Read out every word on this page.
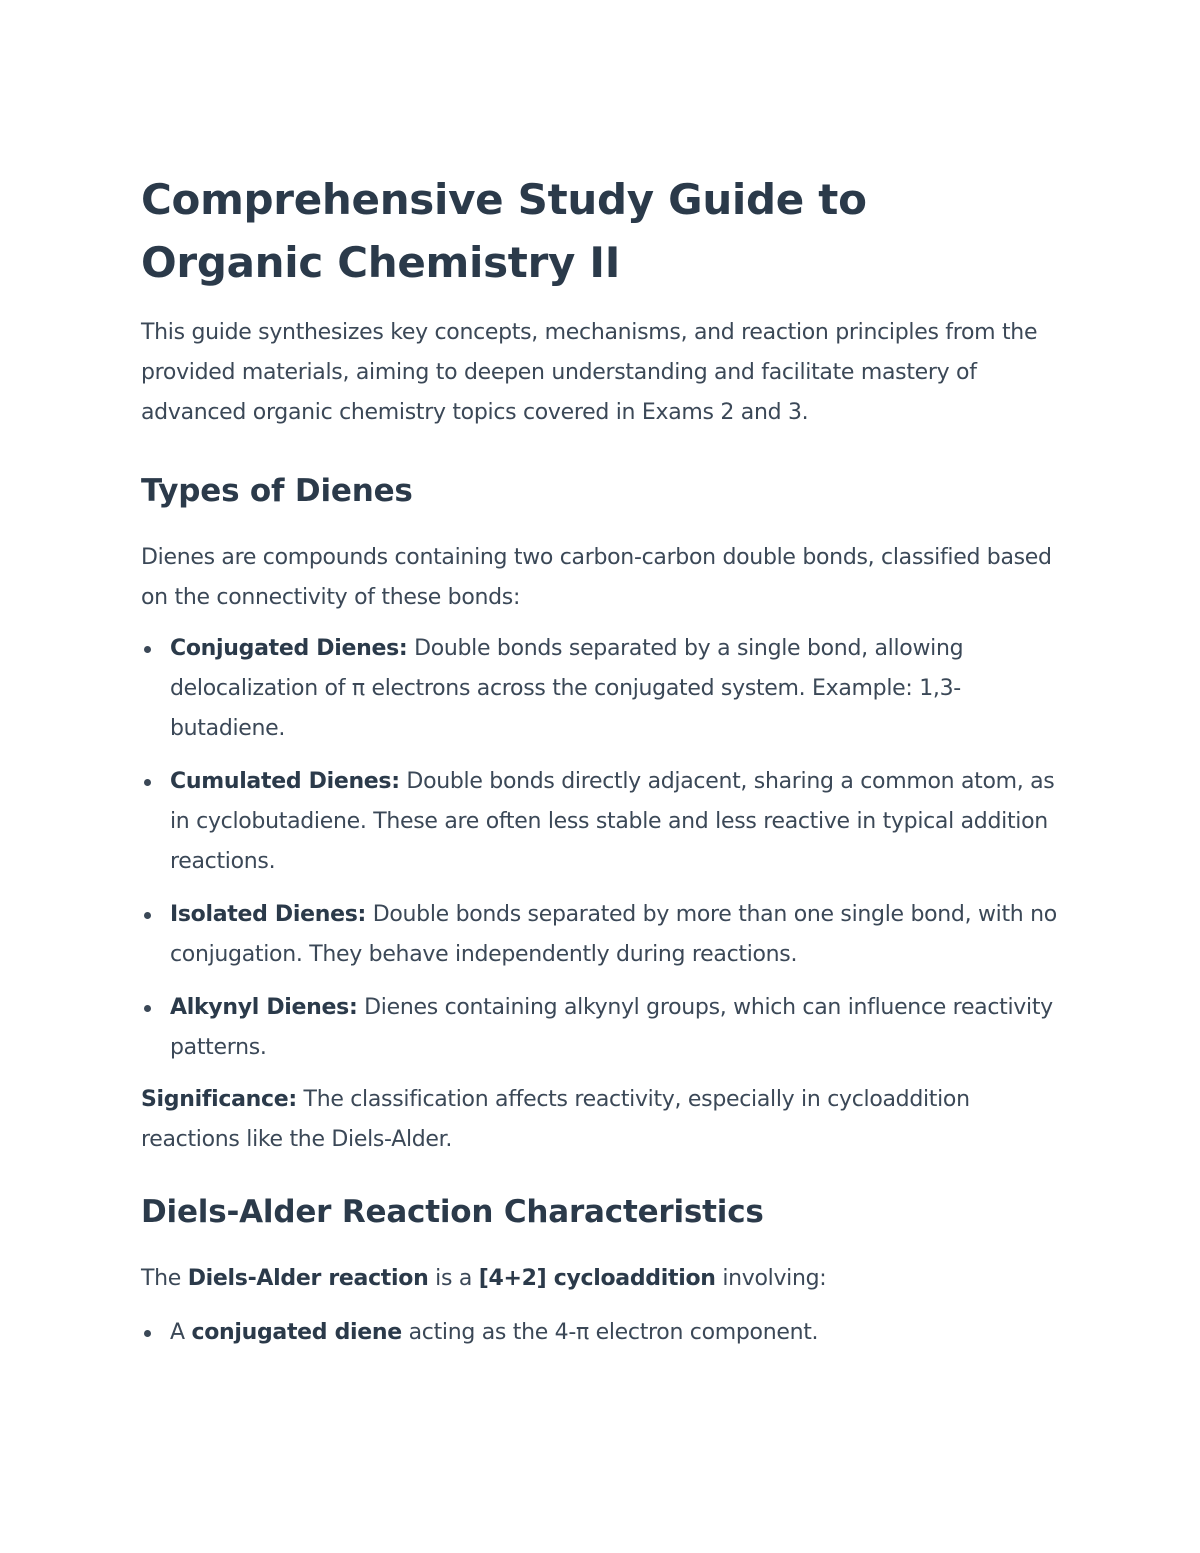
Comprehensive Study Guide to Organic Chemistry II

This guide synthesizes key concepts, mechanisms, and reaction principles from the provided materials, aiming to deepen understanding and facilitate mastery of advanced organic chemistry topics covered in Exams 2 and 3.

Types of Dienes

Dienes are compounds containing two carbon-carbon double bonds, classified based on the connectivity of these bonds:

Conjugated Dienes: Double bonds separated by a single bond, allowing delocalization of π electrons across the conjugated system. Example: 1,3-butadiene.
Cumulated Dienes: Double bonds directly adjacent, sharing a common atom, as in cyclobutadiene. These are often less stable and less reactive in typical addition reactions.
Isolated Dienes: Double bonds separated by more than one single bond, with no conjugation. They behave independently during reactions.
Alkynyl Dienes: Dienes containing alkynyl groups, which can influence reactivity patterns.

Significance: The classification affects reactivity, especially in cycloaddition reactions like the Diels-Alder.

Diels-Alder Reaction Characteristics

The Diels-Alder reaction is a [4+2] cycloaddition involving:

A conjugated diene acting as the 4-π electron component.
